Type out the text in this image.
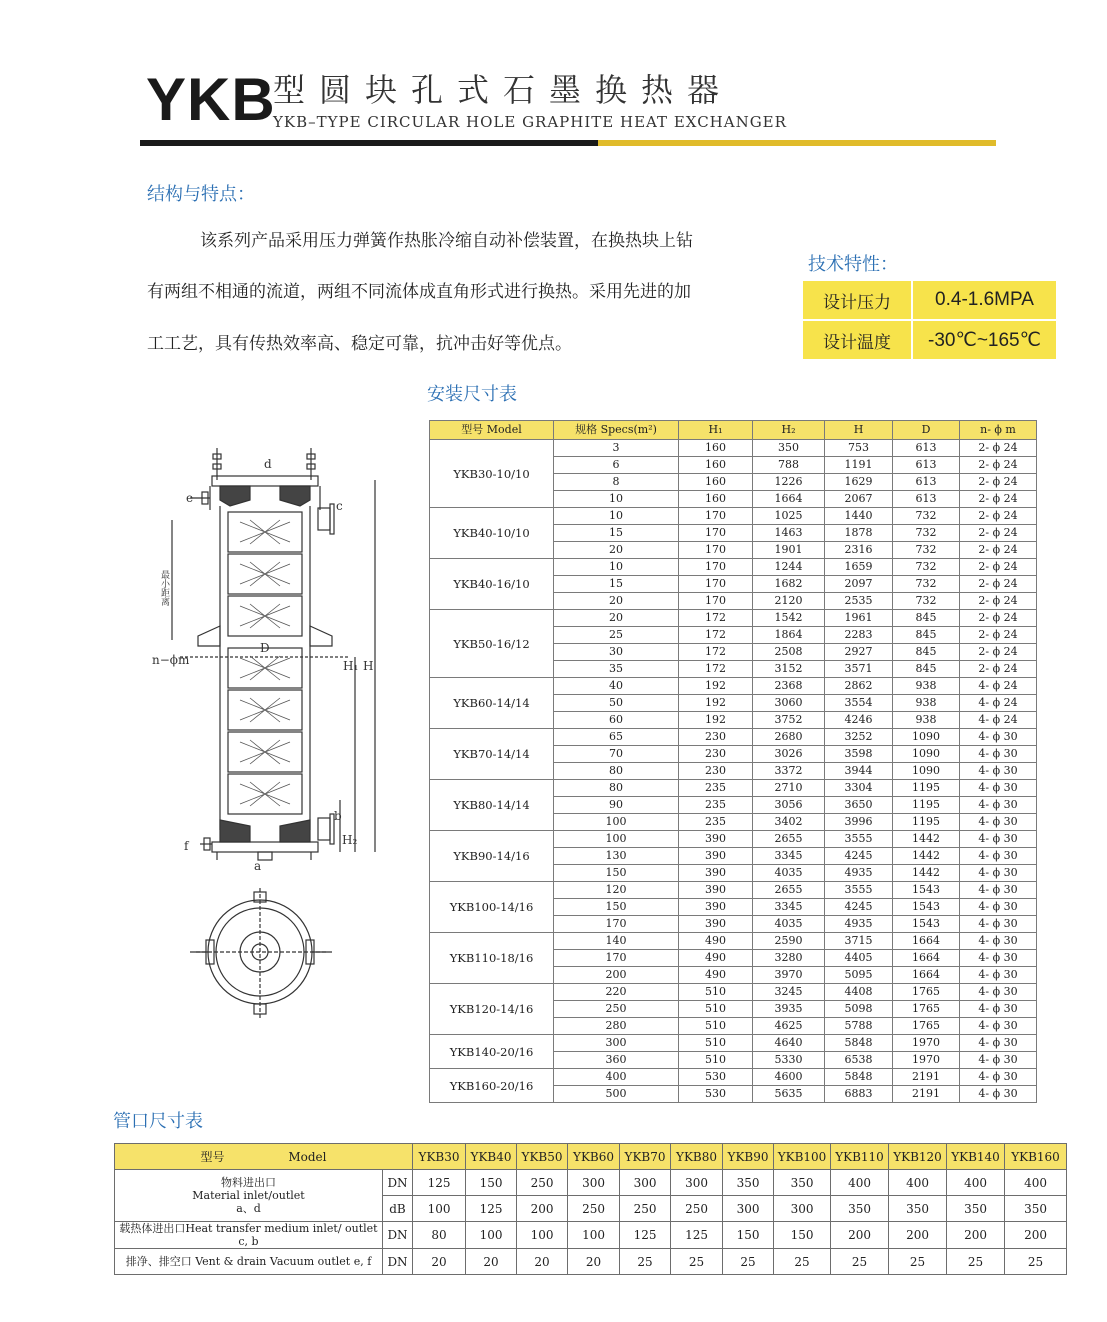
YKB
型圆块孔式石墨换热器
YKB–TYPE CIRCULAR HOLE GRAPHITE HEAT EXCHANGER
结构与特点：
该系列产品采用压力弹簧作热胀冷缩自动补偿装置，在换热块上钻
有两组不相通的流道，两组不同流体成直角形式进行换热。采用先进的加
工工艺，具有传热效率高、稳定可靠，抗冲击好等优点。
技术特性：
设计压力	0.4-1.6MPA
设计温度	-30℃~165℃
安装尺寸表
型号 Model	规格 Specs(m²)	H₁	H₂	H	D	n- ϕ m
YKB30-10/10	3	160	350	753	613	2- ϕ 24
	6	160	788	1191	613	2- ϕ 24
	8	160	1226	1629	613	2- ϕ 24
	10	160	1664	2067	613	2- ϕ 24
YKB40-10/10	10	170	1025	1440	732	2- ϕ 24
	15	170	1463	1878	732	2- ϕ 24
	20	170	1901	2316	732	2- ϕ 24
YKB40-16/10	10	170	1244	1659	732	2- ϕ 24
	15	170	1682	2097	732	2- ϕ 24
	20	170	2120	2535	732	2- ϕ 24
YKB50-16/12	20	172	1542	1961	845	2- ϕ 24
	25	172	1864	2283	845	2- ϕ 24
	30	172	2508	2927	845	2- ϕ 24
	35	172	3152	3571	845	2- ϕ 24
YKB60-14/14	40	192	2368	2862	938	4- ϕ 24
	50	192	3060	3554	938	4- ϕ 24
	60	192	3752	4246	938	4- ϕ 24
YKB70-14/14	65	230	2680	3252	1090	4- ϕ 30
	70	230	3026	3598	1090	4- ϕ 30
	80	230	3372	3944	1090	4- ϕ 30
YKB80-14/14	80	235	2710	3304	1195	4- ϕ 30
	90	235	3056	3650	1195	4- ϕ 30
	100	235	3402	3996	1195	4- ϕ 30
YKB90-14/16	100	390	2655	3555	1442	4- ϕ 30
	130	390	3345	4245	1442	4- ϕ 30
	150	390	4035	4935	1442	4- ϕ 30
YKB100-14/16	120	390	2655	3555	1543	4- ϕ 30
	150	390	3345	4245	1543	4- ϕ 30
	170	390	4035	4935	1543	4- ϕ 30
YKB110-18/16	140	490	2590	3715	1664	4- ϕ 30
	170	490	3280	4405	1664	4- ϕ 30
	200	490	3970	5095	1664	4- ϕ 30
YKB120-14/16	220	510	3245	4408	1765	4- ϕ 30
	250	510	3935	5098	1765	4- ϕ 30
	280	510	4625	5788	1765	4- ϕ 30
YKB140-20/16	300	510	4640	5848	1970	4- ϕ 30
	360	510	5330	6538	1970	4- ϕ 30
YKB160-20/16	400	530	4600	5848	2191	4- ϕ 30
	500	530	5635	6883	2191	4- ϕ 30
d
e
c
n−ϕm
D
H₁ H
b
f
a
H₂
最小距离
管口尺寸表
型号 Model		YKB30	YKB40	YKB50	YKB60	YKB70	YKB80	YKB90	YKB100	YKB110	YKB120	YKB140	YKB160

物料进出口
Material inlet/outlet
a、d	DN	125	150	250	300	300	300	350	350	400	400	400	400
	dB	100	125	200	250	250	250	300	300	350	350	350	350
载热体进出口Heat transfer medium inlet/ outlet c, b	DN	80	100	100	100	125	125	150	150	200	200	200	200
排净、排空口 Vent & drain Vacuum outlet e, f	DN	20	20	20	20	25	25	25	25	25	25	25	25
